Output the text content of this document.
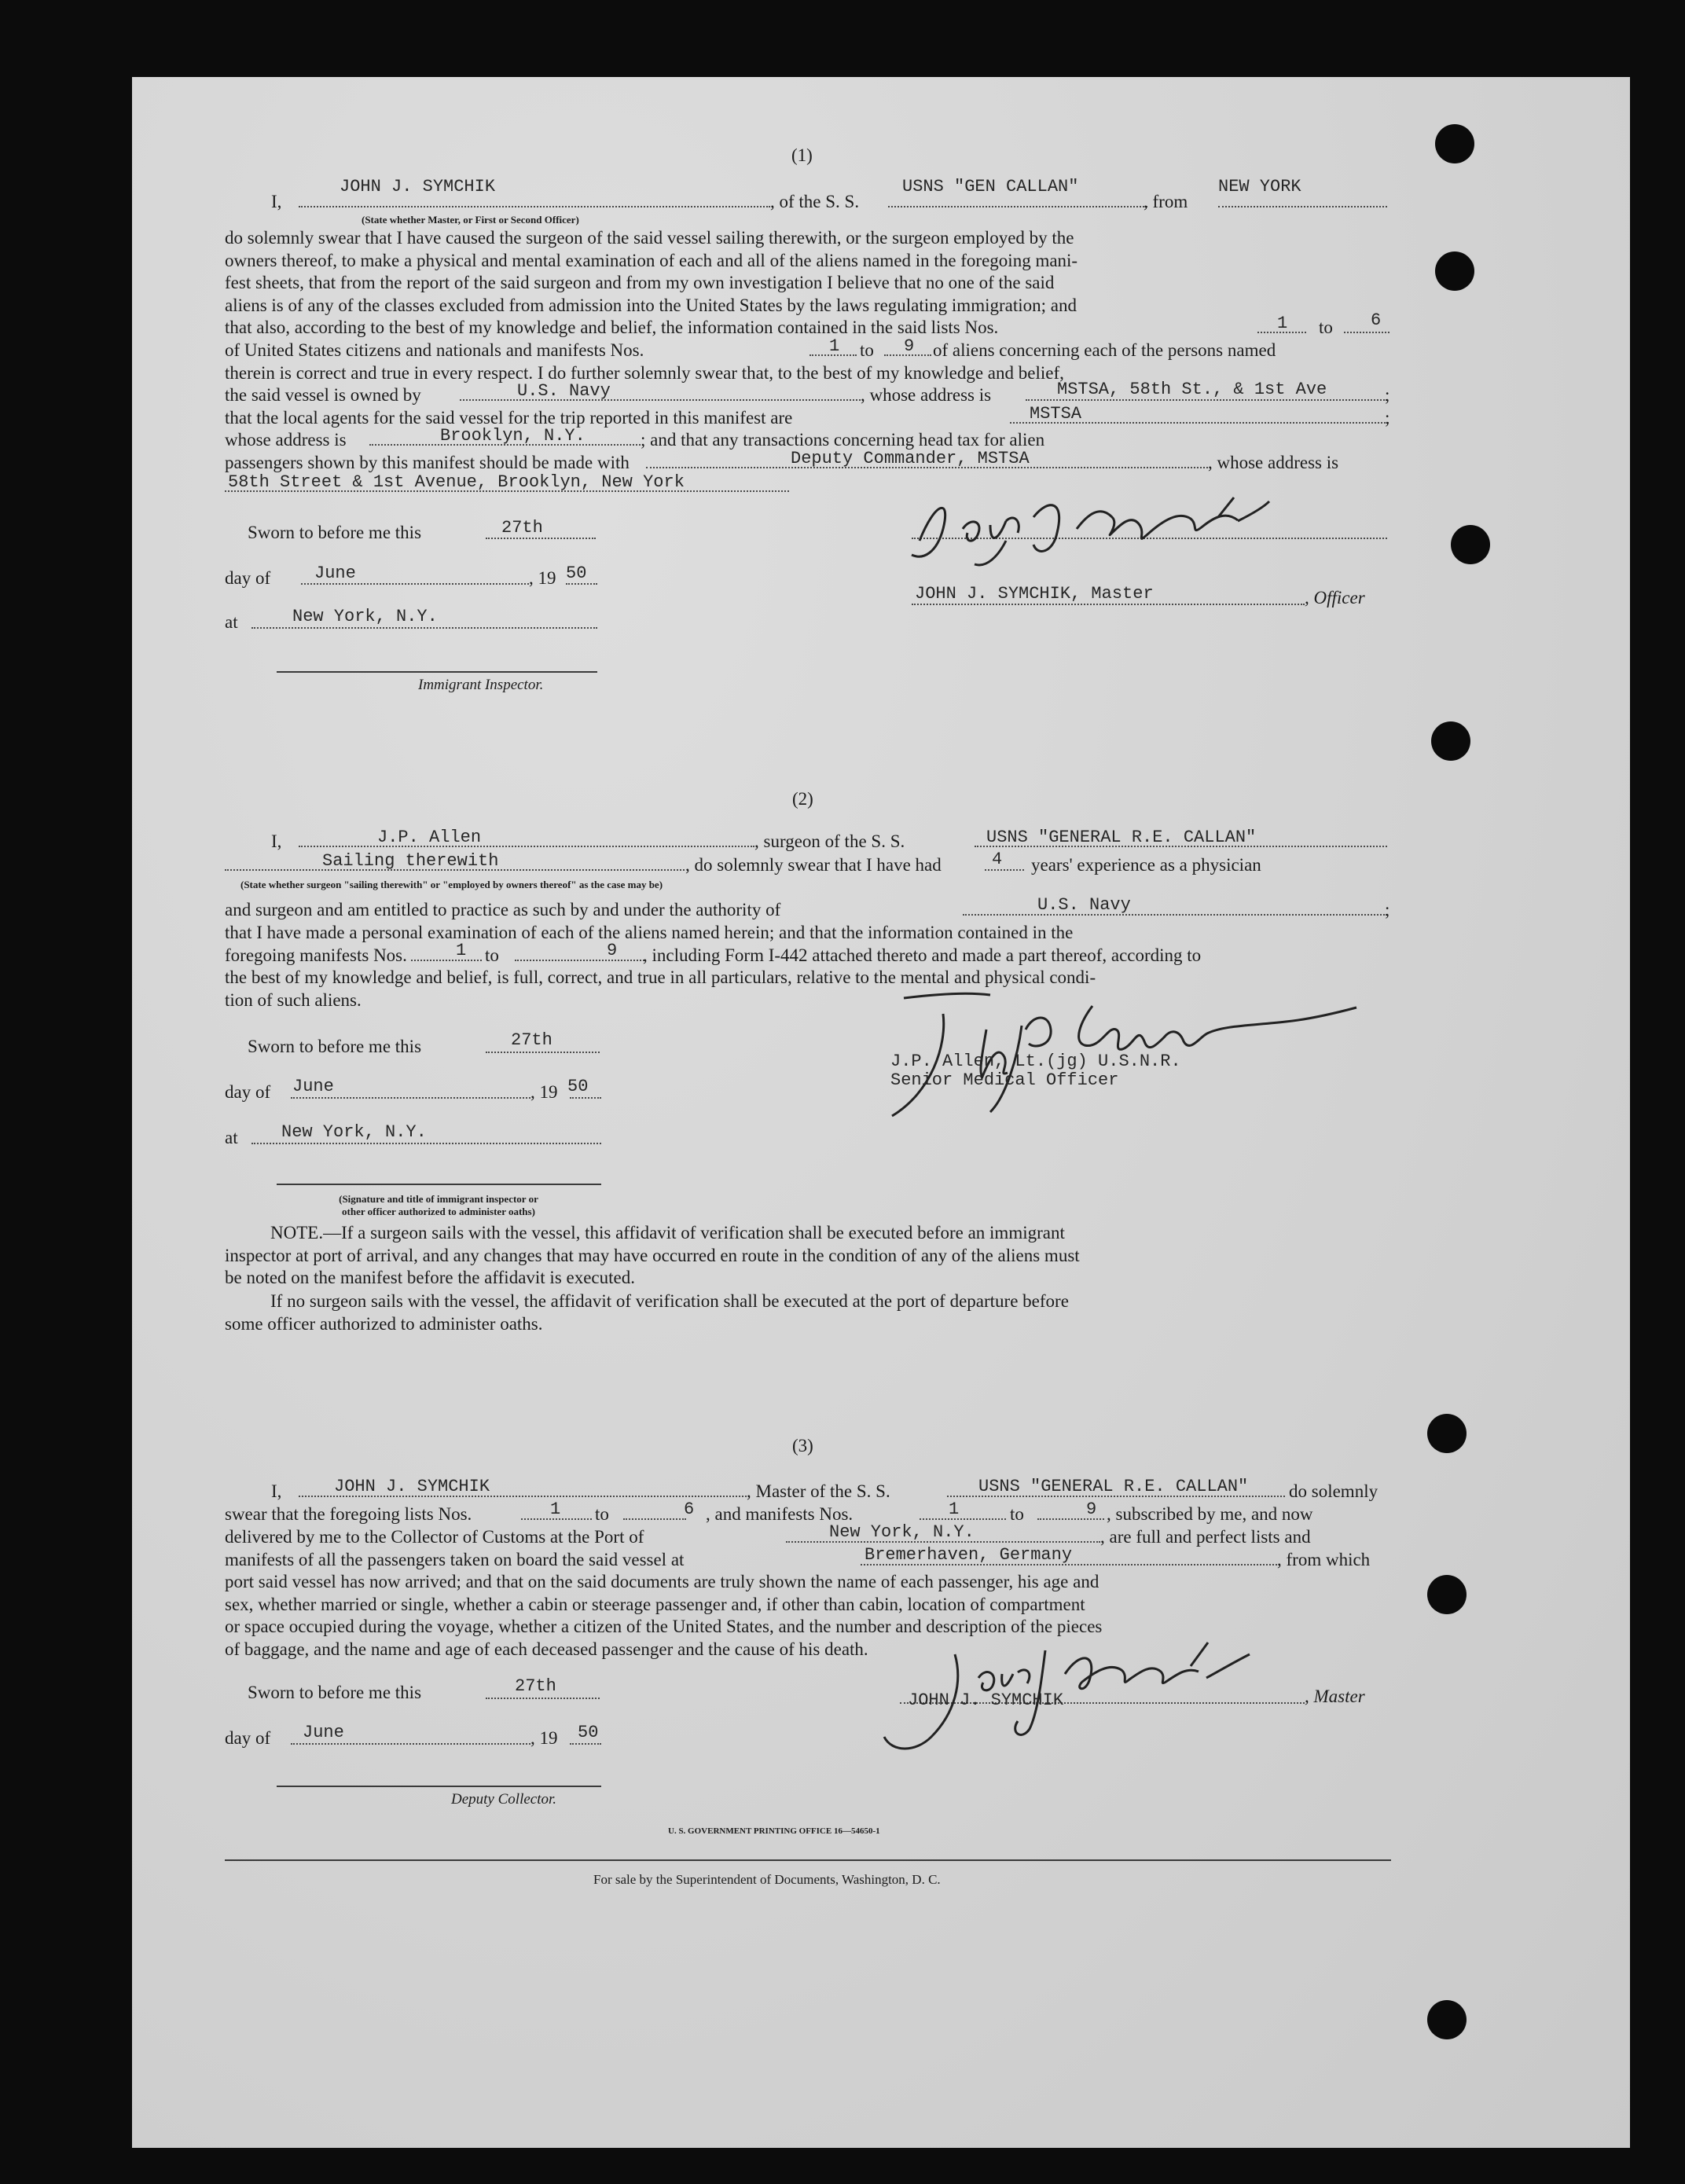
(1)
I,
JOHN J. SYMCHIK
, of the S. S.
USNS "GEN CALLAN"
, from
NEW YORK
(State whether Master, or First or Second Officer)
do solemnly swear that I have caused the surgeon of the said vessel sailing therewith, or the surgeon employed by the
owners thereof, to make a physical and mental examination of each and all of the aliens named in the foregoing mani-
fest sheets, that from the report of the said surgeon and from my own investigation I believe that no one of the said
aliens is of any of the classes excluded from admission into the United States by the laws regulating immigration; and
that also, according to the best of my knowledge and belief, the information contained in the said lists Nos.	1 to 6
of United States citizens and nationals and manifests Nos.	1 to 9 of aliens concerning each of the persons named
therein is correct and true in every respect. I do further solemnly swear that, to the best of my knowledge and belief,
the said vessel is owned by	U.S. Navy	, whose address is	MSTSA, 58th St., & 1st Ave	;
that the local agents for the said vessel for the trip reported in this manifest are	MSTSA	;
whose address is	Brooklyn, N.Y.	; and that any transactions concerning head tax for alien
passengers shown by this manifest should be made with	Deputy Commander, MSTSA	, whose address is
58th Street & 1st Avenue, Brooklyn, New York
Sworn to before me this	27th
day of	June	, 19 50
at	New York, N.Y.
Immigrant Inspector.
JOHN J. SYMCHIK, Master	, Officer
(2)
I,	J.P. Allen	, surgeon of the S. S.	USNS "GENERAL R.E. CALLAN"
Sailing therewith	, do solemnly swear that I have had	4 years' experience as a physician
(State whether surgeon "sailing therewith" or "employed by owners thereof" as the case may be)
and surgeon and am entitled to practice as such by and under the authority of	U.S. Navy	;
that I have made a personal examination of each of the aliens named herein; and that the information contained in the
foregoing manifests Nos.	1 to	9 , including Form I-442 attached thereto and made a part thereof, according to
the best of my knowledge and belief, is full, correct, and true in all particulars, relative to the mental and physical condi-
tion of such aliens.
Sworn to before me this	27th
day of June	, 19 50
at	New York, N.Y.
(Signature and title of immigrant inspector or
other officer authorized to administer oaths)
J.P. Allen, Lt.(jg) U.S.N.R.
Senior Medical Officer
NOTE.—If a surgeon sails with the vessel, this affidavit of verification shall be executed before an immigrant
inspector at port of arrival, and any changes that may have occurred en route in the condition of any of the aliens must
be noted on the manifest before the affidavit is executed.
If no surgeon sails with the vessel, the affidavit of verification shall be executed at the port of departure before
some officer authorized to administer oaths.
(3)
I,	JOHN J. SYMCHIK	, Master of the S. S.	USNS "GENERAL R.E. CALLAN" do solemnly
swear that the foregoing lists Nos.	1 to	6 , and manifests Nos.	1	to	9 , subscribed by me, and now
delivered by me to the Collector of Customs at the Port of	New York, N.Y.	, are full and perfect lists and
manifests of all the passengers taken on board the said vessel at	Bremerhaven, Germany	, from which
port said vessel has now arrived; and that on the said documents are truly shown the name of each passenger, his age and
sex, whether married or single, whether a cabin or steerage passenger and, if other than cabin, location of compartment
or space occupied during the voyage, whether a citizen of the United States, and the number and description of the pieces
of baggage, and the name and age of each deceased passenger and the cause of his death.
Sworn to before me this	27th
day of June	, 19 50
Deputy Collector.
JOHN J. SYMCHIK	, Master
U. S. GOVERNMENT PRINTING OFFICE 16—54650-1
For sale by the Superintendent of Documents, Washington, D. C.
